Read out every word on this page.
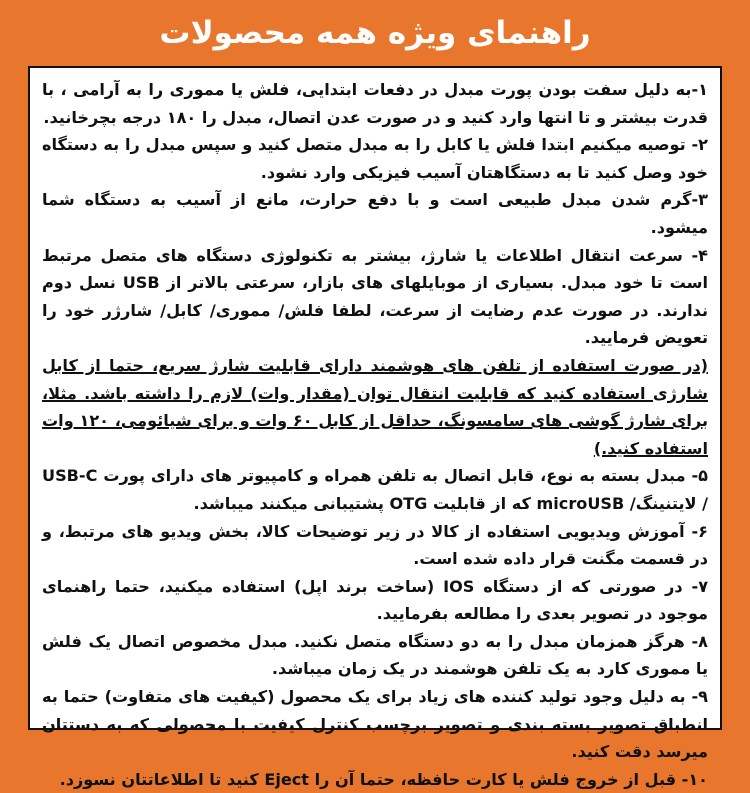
راهنمای ویژه همه محصولات

۱-به دلیل سفت بودن پورت مبدل در دفعات ابتدایی، فلش یا مموری را به آرامی ، با قدرت بیشتر و تا انتها وارد کنید و در صورت عدن اتصال، مبدل را ۱۸۰ درجه بچرخانید.

۲- توصیه میکنیم ابتدا فلش یا کابل را به مبدل متصل کنید و سپس مبدل را به دستگاه خود وصل کنید تا به دستگاهتان آسیب فیزیکی وارد نشود.

۳-گرم شدن مبدل طبیعی است و با دفع حرارت، مانع از آسیب به دستگاه شما میشود.

۴- سرعت انتقال اطلاعات یا شارژ، بیشتر به تکنولوژی دستگاه های متصل مرتبط است تا خود مبدل. بسیاری از موبایلهای های بازار، سرعتی بالاتر از USB نسل دوم ندارند. در صورت عدم رضایت از سرعت، لطفا فلش/ مموری/ کابل/ شارژر خود را تعویض فرمایید.

(در صورت استفاده از تلفن های هوشمند دارای قابلیت شارژ سریع، حتما از کابل شارژی استفاده کنید که قابلیت انتقال توان (مقدار وات) لازم را داشته باشد. مثلا، برای شارژ گوشی های سامسونگ، حداقل از کابل ۶۰ وات و برای شیائومی، ۱۲۰ وات استفاده کنید.)

۵- مبدل بسته به نوع، قابل اتصال به تلفن همراه و کامپیوتر های دارای پورت USB-C / لایتنینگ/ microUSB که از قابلیت OTG پشتیبانی میکنند میباشد.

۶- آموزش ویدیویی استفاده از کالا در زیر توضیحات کالا، بخش ویدیو های مرتبط، و در قسمت مگنت قرار داده شده است.

۷- در صورتی که از دستگاه IOS (ساخت برند اپل) استفاده میکنید، حتما راهنمای موجود در تصویر بعدی را مطالعه بفرمایید.

۸- هرگز همزمان مبدل را به دو دستگاه متصل نکنید. مبدل مخصوص اتصال یک فلش یا مموری کارد به یک تلفن هوشمند در یک زمان میباشد.

۹- به دلیل وجود تولید کننده های زیاد برای یک محصول (کیفیت های متفاوت) حتما به انطباق تصویر بسته بندی و تصویر برچسب کنترل کیفیت با محصولی که به دستتان میرسد دقت کنید.

۱۰- قبل از خروج فلش یا کارت حافظه، حتما آن را Eject کنید تا اطلاعاتتان نسوزد.
